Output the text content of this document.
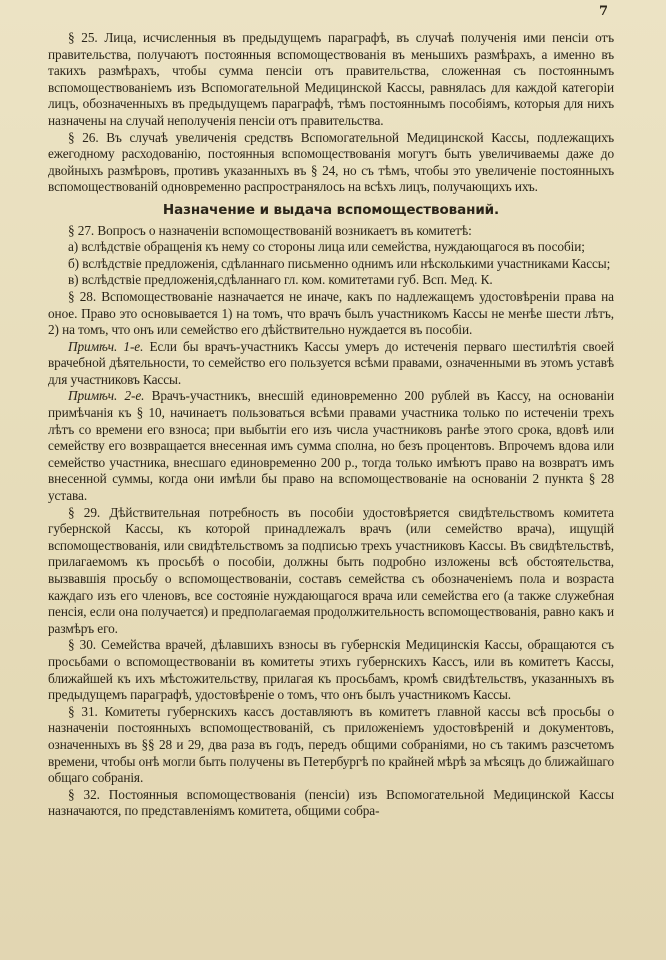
7

§ 25. Лица, исчисленныя въ предыдущемъ параграфѣ, въ случаѣ полученія ими пенсіи отъ правительства, получаютъ постоянныя вспомоществованія въ меньшихъ размѣрахъ, а именно въ такихъ размѣрахъ, чтобы сумма пенсіи отъ правительства, сложенная съ постояннымъ вспомоществованіемъ изъ Вспомогательной Медицинской Кассы, равнялась для каждой категоріи лицъ, обозначенныхъ въ предыдущемъ параграфѣ, тѣмъ постояннымъ пособіямъ, которыя для нихъ назначены на случай неполученія пенсіи отъ правительства.

§ 26. Въ случаѣ увеличенія средствъ Вспомогательной Медицинской Кассы, подлежащихъ ежегодному расходованію, постоянныя вспомоществованія могутъ быть увеличиваемы даже до двойныхъ размѣровъ, противъ указанныхъ въ § 24, но съ тѣмъ, чтобы это увеличеніе постоянныхъ вспомоществованій одновременно распространялось на всѣхъ лицъ, получающихъ ихъ.

Назначение и выдача вспомоществований.

§ 27. Вопросъ о назначеніи вспомоществованій возникаетъ въ комитетѣ:

а) вслѣдствіе обращенія къ нему со стороны лица или семейства, нуждающагося въ пособіи;

б) вслѣдствіе предложенія, сдѣланнаго письменно однимъ или нѣсколькими участниками Кассы;

в) вслѣдствіе предложенія,сдѣланнаго гл. ком. комитетами губ. Всп. Мед. К.

§ 28. Вспомоществованіе назначается не иначе, какъ по надлежащемъ удостовѣреніи права на оное. Право это основывается 1) на томъ, что врачъ былъ участникомъ Кассы не менѣе шести лѣтъ, 2) на томъ, что онъ или семейство его дѣйствительно нуждается въ пособіи.

Примѣч. 1-е. Если бы врачъ-участникъ Кассы умеръ до истеченія перваго шестилѣтія своей врачебной дѣятельности, то семейство его пользуется всѣми правами, означенными въ этомъ уставѣ для участниковъ Кассы.

Примѣч. 2-е. Врачъ-участникъ, внесшій единовременно 200 рублей въ Кассу, на основаніи примѣчанія къ § 10, начинаетъ пользоваться всѣми правами участника только по истеченіи трехъ лѣтъ со времени его взноса; при выбытіи его изъ числа участниковъ ранѣе этого срока, вдовѣ или семейству его возвращается внесенная имъ сумма сполна, но безъ процентовъ. Впрочемъ вдова или семейство участника, внесшаго единовременно 200 р., тогда только имѣютъ право на возвратъ имъ внесенной суммы, когда они имѣли бы право на вспомоществованіе на основаніи 2 пункта § 28 устава.

§ 29. Дѣйствительная потребность въ пособіи удостовѣряется свидѣтельствомъ комитета губернской Кассы, къ которой принадлежалъ врачъ (или семейство врача), ищущій вспомоществованія, или свидѣтельствомъ за подписью трехъ участниковъ Кассы. Въ свидѣтельствѣ, прилагаемомъ къ просьбѣ о пособіи, должны быть подробно изложены всѣ обстоятельства, вызвавшія просьбу о вспомоществованіи, составъ семейства съ обозначеніемъ пола и возраста каждаго изъ его членовъ, все состояніе нуждающагося врача или семейства его (а также служебная пенсія, если она получается) и предполагаемая продолжительность вспомоществованія, равно какъ и размѣръ его.

§ 30. Семейства врачей, дѣлавшихъ взносы въ губернскія Медицинскія Кассы, обращаются съ просьбами о вспомоществованіи въ комитеты этихъ губернскихъ Кассъ, или въ комитетъ Кассы, ближайшей къ ихъ мѣстожительству, прилагая къ просьбамъ, кромѣ свидѣтельствъ, указанныхъ въ предыдущемъ параграфѣ, удостовѣреніе о томъ, что онъ былъ участникомъ Кассы.

§ 31. Комитеты губернскихъ кассъ доставляютъ въ комитетъ главной кассы всѣ просьбы о назначеніи постоянныхъ вспомоществованій, съ приложеніемъ удостовѣреній и документовъ, означенныхъ въ §§ 28 и 29, два раза въ годъ, передъ общими собраніями, но съ такимъ разсчетомъ времени, чтобы онѣ могли быть получены въ Петербургѣ по крайней мѣрѣ за мѣсяцъ до ближайшаго общаго собранія.

§ 32. Постоянныя вспомоществованія (пенсіи) изъ Вспомогательной Медицинской Кассы назначаются, по представленіямъ комитета, общими собра-
